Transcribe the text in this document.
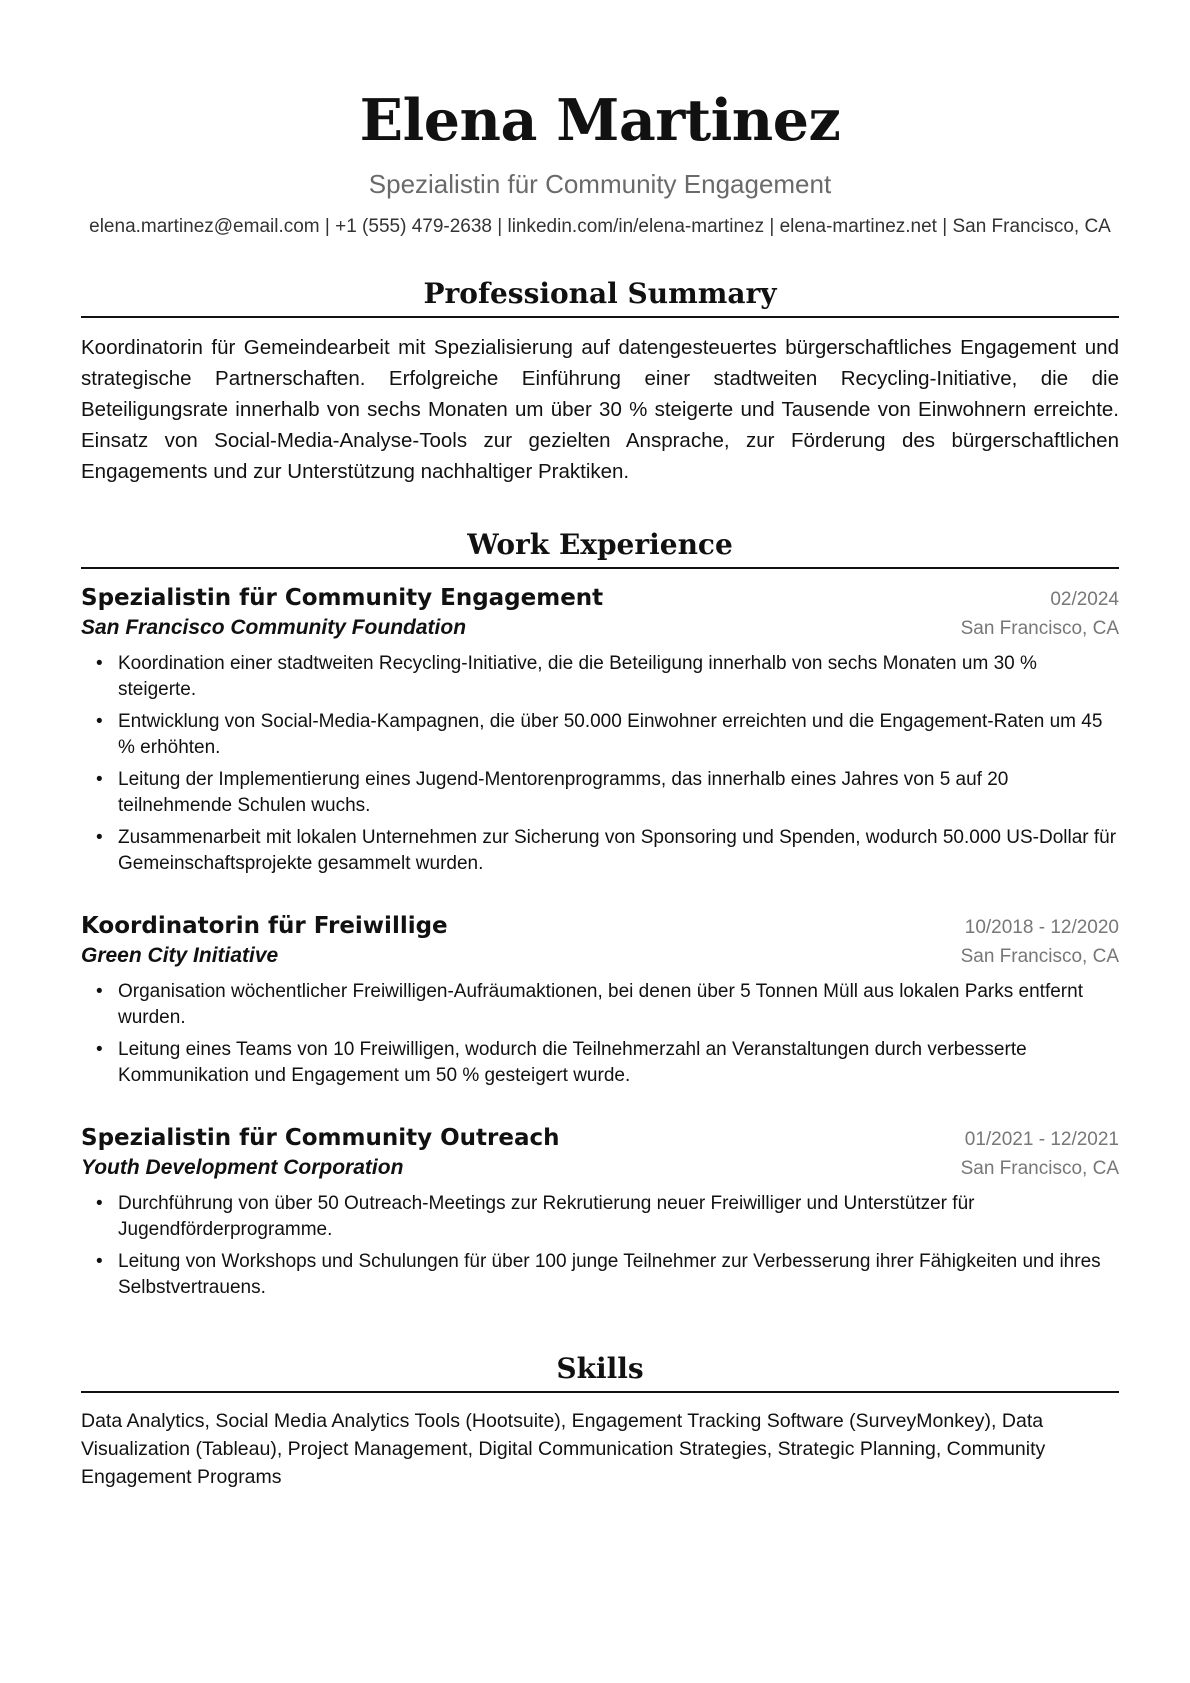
Elena Martinez
Spezialistin für Community Engagement
elena.martinez@email.com | +1 (555) 479-2638 | linkedin.com/in/elena-martinez | elena-martinez.net | San Francisco, CA
Professional Summary

Koordinatorin für Gemeindearbeit mit Spezialisierung auf datengesteuertes bürgerschaftliches Engagement und strategische Partnerschaften. Erfolgreiche Einführung einer stadtweiten Recycling-Initiative, die die Beteiligungsrate innerhalb von sechs Monaten um über 30 % steigerte und Tausende von Einwohnern erreichte. Einsatz von Social-Media-Analyse-Tools zur gezielten Ansprache, zur Förderung des bürgerschaftlichen Engagements und zur Unterstützung nachhaltiger Praktiken.

Work Experience
Spezialistin für Community Engagement	02/2024
San Francisco Community Foundation	San Francisco, CA
• Koordination einer stadtweiten Recycling-Initiative, die die Beteiligung innerhalb von sechs Monaten um 30 % steigerte.
• Entwicklung von Social-Media-Kampagnen, die über 50.000 Einwohner erreichten und die Engagement-Raten um 45 % erhöhten.
• Leitung der Implementierung eines Jugend-Mentorenprogramms, das innerhalb eines Jahres von 5 auf 20 teilnehmende Schulen wuchs.
• Zusammenarbeit mit lokalen Unternehmen zur Sicherung von Sponsoring und Spenden, wodurch 50.000 US-Dollar für Gemeinschaftsprojekte gesammelt wurden.
Koordinatorin für Freiwillige	10/2018 - 12/2020
Green City Initiative	San Francisco, CA
• Organisation wöchentlicher Freiwilligen-Aufräumaktionen, bei denen über 5 Tonnen Müll aus lokalen Parks entfernt wurden.
• Leitung eines Teams von 10 Freiwilligen, wodurch die Teilnehmerzahl an Veranstaltungen durch verbesserte Kommunikation und Engagement um 50 % gesteigert wurde.
Spezialistin für Community Outreach	01/2021 - 12/2021
Youth Development Corporation	San Francisco, CA
• Durchführung von über 50 Outreach-Meetings zur Rekrutierung neuer Freiwilliger und Unterstützer für Jugendförderprogramme.
• Leitung von Workshops und Schulungen für über 100 junge Teilnehmer zur Verbesserung ihrer Fähigkeiten und ihres Selbstvertrauens.
Skills

Data Analytics, Social Media Analytics Tools (Hootsuite), Engagement Tracking Software (SurveyMonkey), Data Visualization (Tableau), Project Management, Digital Communication Strategies, Strategic Planning, Community Engagement Programs
